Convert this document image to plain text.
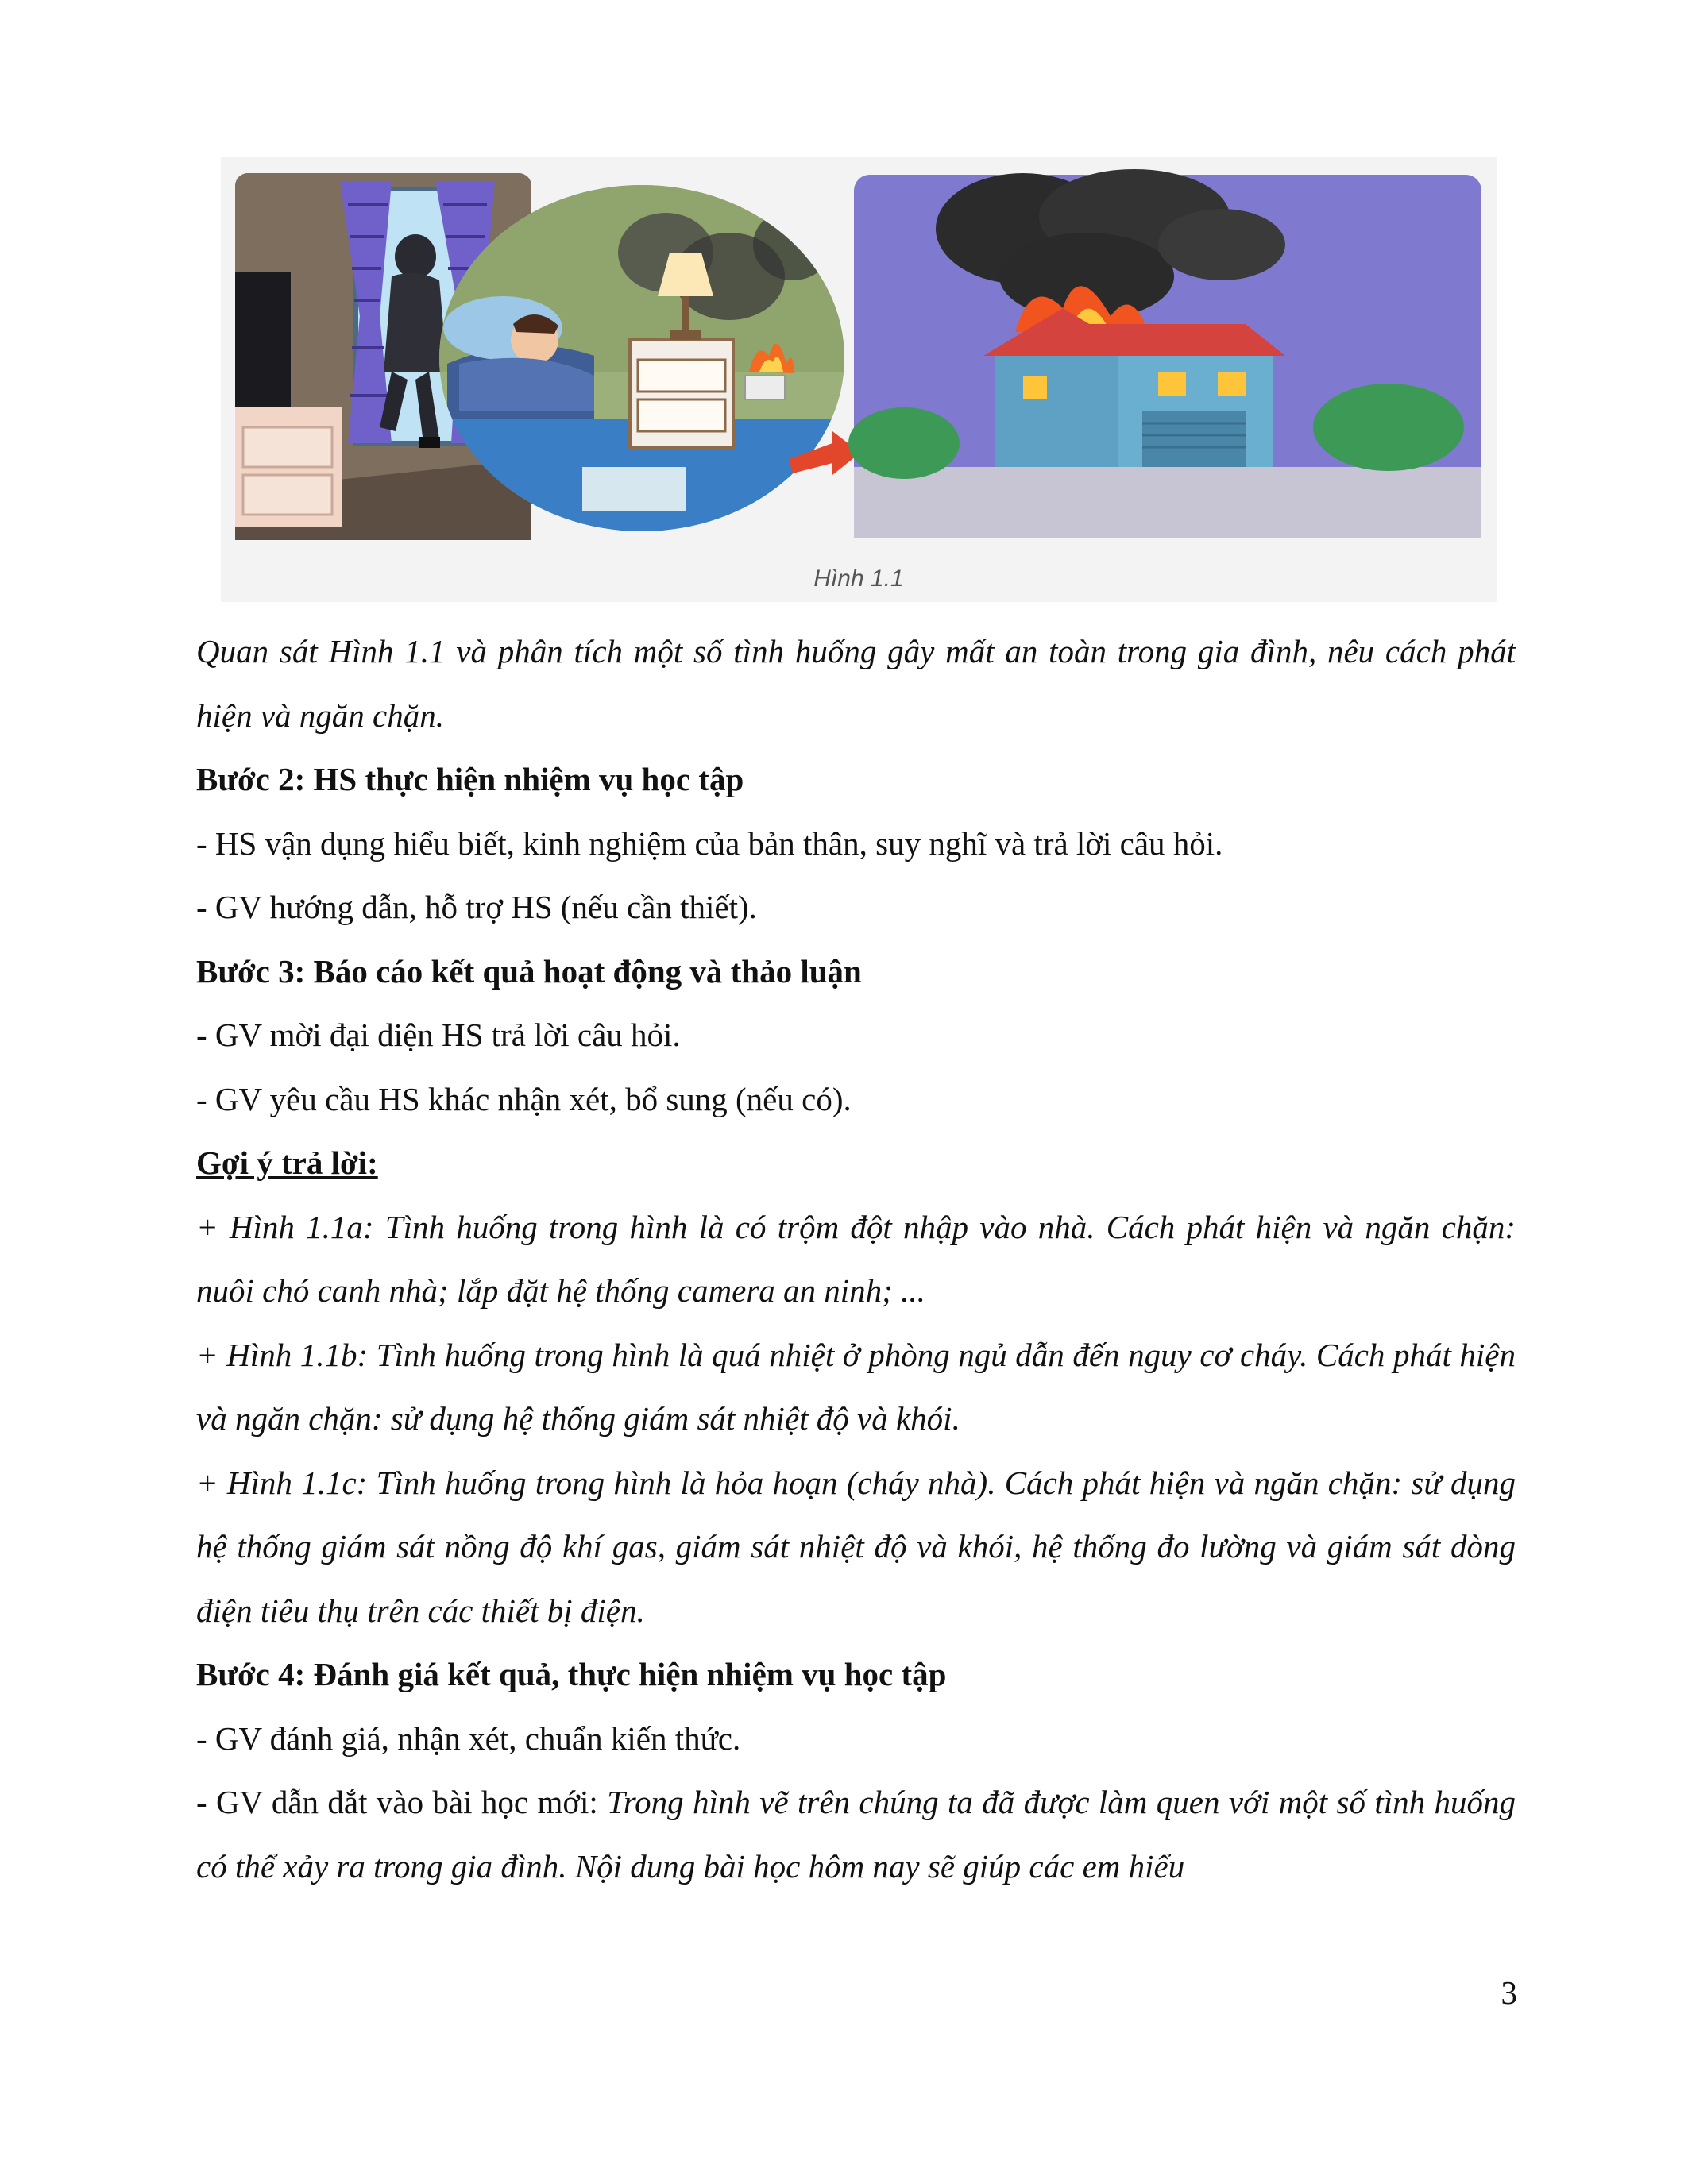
Hình 1.1

Quan sát Hình 1.1 và phân tích một số tình huống gây mất an toàn trong gia đình, nêu cách phát hiện và ngăn chặn.

Bước 2: HS thực hiện nhiệm vụ học tập

- HS vận dụng hiểu biết, kinh nghiệm của bản thân, suy nghĩ và trả lời câu hỏi.

- GV hướng dẫn, hỗ trợ HS (nếu cần thiết).

Bước 3: Báo cáo kết quả hoạt động và thảo luận

- GV mời đại diện HS trả lời câu hỏi.

- GV yêu cầu HS khác nhận xét, bổ sung (nếu có).

Gợi ý trả lời:

+ Hình 1.1a: Tình huống trong hình là có trộm đột nhập vào nhà. Cách phát hiện và ngăn chặn: nuôi chó canh nhà; lắp đặt hệ thống camera an ninh; ...

+ Hình 1.1b: Tình huống trong hình là quá nhiệt ở phòng ngủ dẫn đến nguy cơ cháy. Cách phát hiện và ngăn chặn: sử dụng hệ thống giám sát nhiệt độ và khói.

+ Hình 1.1c: Tình huống trong hình là hỏa hoạn (cháy nhà). Cách phát hiện và ngăn chặn: sử dụng hệ thống giám sát nồng độ khí gas, giám sát nhiệt độ và khói, hệ thống đo lường và giám sát dòng điện tiêu thụ trên các thiết bị điện.

Bước 4: Đánh giá kết quả, thực hiện nhiệm vụ học tập

- GV đánh giá, nhận xét, chuẩn kiến thức.

- GV dẫn dắt vào bài học mới: Trong hình vẽ trên chúng ta đã được làm quen với một số tình huống có thể xảy ra trong gia đình. Nội dung bài học hôm nay sẽ giúp các em hiểu

3
